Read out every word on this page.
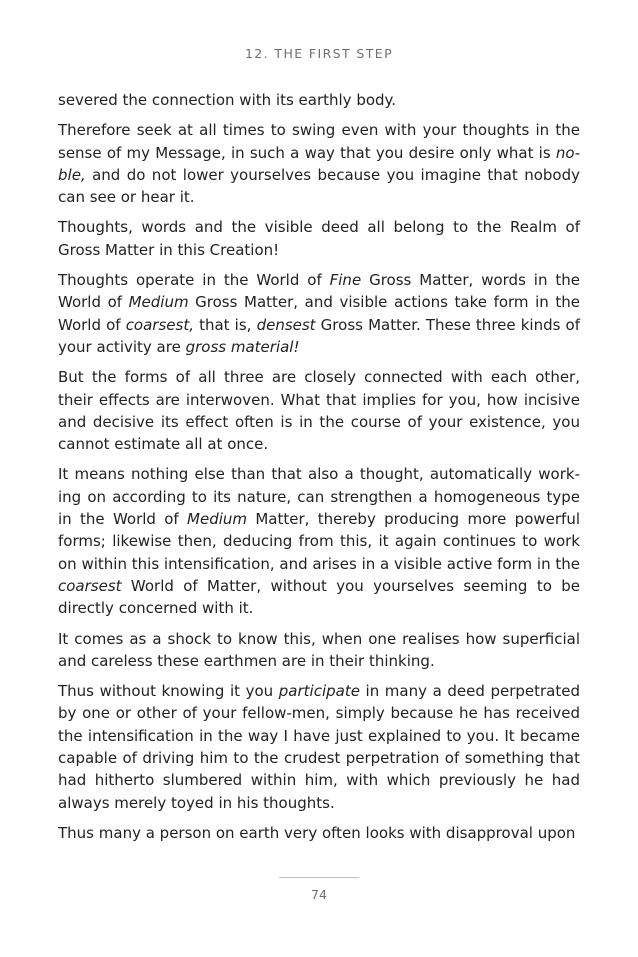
12. THE FIRST STEP

severed the connection with its earthly body.

Therefore seek at all times to swing even with your thoughts in the sense of my Message, in such a way that you desire only what is noble, and do not lower yourselves because you imagine that nobody can see or hear it.

Thoughts, words and the visible deed all belong to the Realm of Gross Matter in this Creation!

Thoughts operate in the World of Fine Gross Matter, words in the World of Medium Gross Matter, and visible actions take form in the World of coarsest, that is, densest Gross Matter. These three kinds of your activity are gross material!

But the forms of all three are closely connected with each other, their effects are interwoven. What that implies for you, how incisive and decisive its effect often is in the course of your existence, you cannot estimate all at once.

It means nothing else than that also a thought, automatically working on according to its nature, can strengthen a homogeneous type in the World of Medium Matter, thereby producing more powerful forms; likewise then, deducing from this, it again continues to work on within this intensification, and arises in a visible active form in the coarsest World of Matter, without you yourselves seeming to be directly concerned with it.

It comes as a shock to know this, when one realises how superficial and careless these earthmen are in their thinking.

Thus without knowing it you participate in many a deed perpetrated by one or other of your fellow-men, simply because he has received the intensification in the way I have just explained to you. It became capable of driving him to the crudest perpetration of something that had hitherto slumbered within him, with which previously he had always merely toyed in his thoughts.

Thus many a person on earth very often looks with disapproval upon

74
